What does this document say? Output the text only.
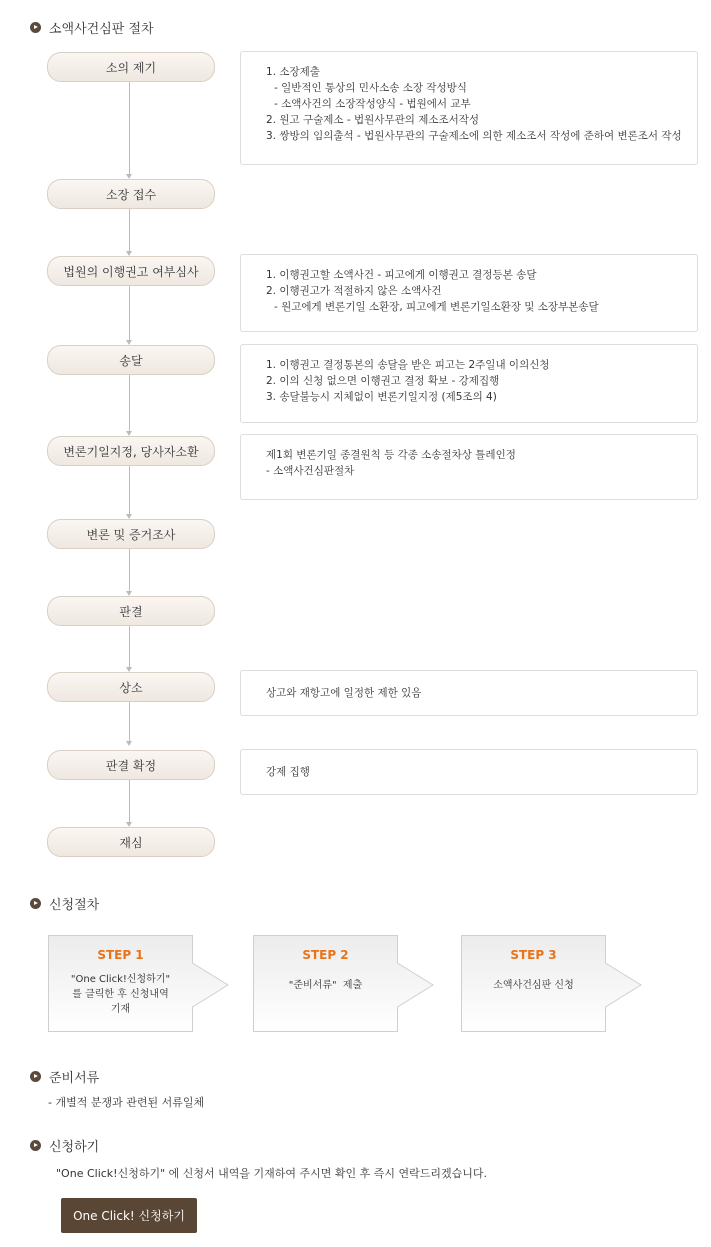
소액사건심판 절차
소의 제기
소장 접수
법원의 이행권고 여부심사
송달
변론기일지정, 당사자소환
변론 및 증거조사
판결
상소
판결 확정
재심
1. 소장제출
- 일반적인 통상의 민사소송 소장 작성방식
- 소액사건의 소장작성양식 - 법원에서 교부
2. 원고 구술제소 - 법원사무관의 제소조서작성
3. 쌍방의 임의출석 - 법원사무관의 구술제소에 의한 제소조서 작성에 준하여 변론조서 작성
1. 이행권고할 소액사건 - 피고에게 이행권고 결정등본 송달
2. 이행권고가 적절하지 않은 소액사건
- 원고에게 변론기일 소환장, 피고에게 변론기일소환장 및 소장부본송달
1. 이행권고 결정통본의 송달을 받은 피고는 2주일내 이의신청
2. 이의 신청 없으면 이행권고 결정 확보 - 강제집행
3. 송달불능시 지체없이 변론기일지정 (제5조의 4)
제1회 변론기일 종결원칙 등 각종 소송절차상 틀레인정
- 소액사건심판절차
상고와 재항고에 일정한 제한 있음
강제 집행
신청절차
STEP 1
"One Click!신청하기"
를 클릭한 후 신청내역
기재
STEP 2
"준비서류"  제출
STEP 3
소액사건심판 신청
준비서류
- 개별적 분쟁과 관련된 서류일체
신청하기
"One Click!신청하기" 에 신청서 내역을 기재하여 주시면 확인 후 즉시 연락드리겠습니다.
One Click! 신청하기
